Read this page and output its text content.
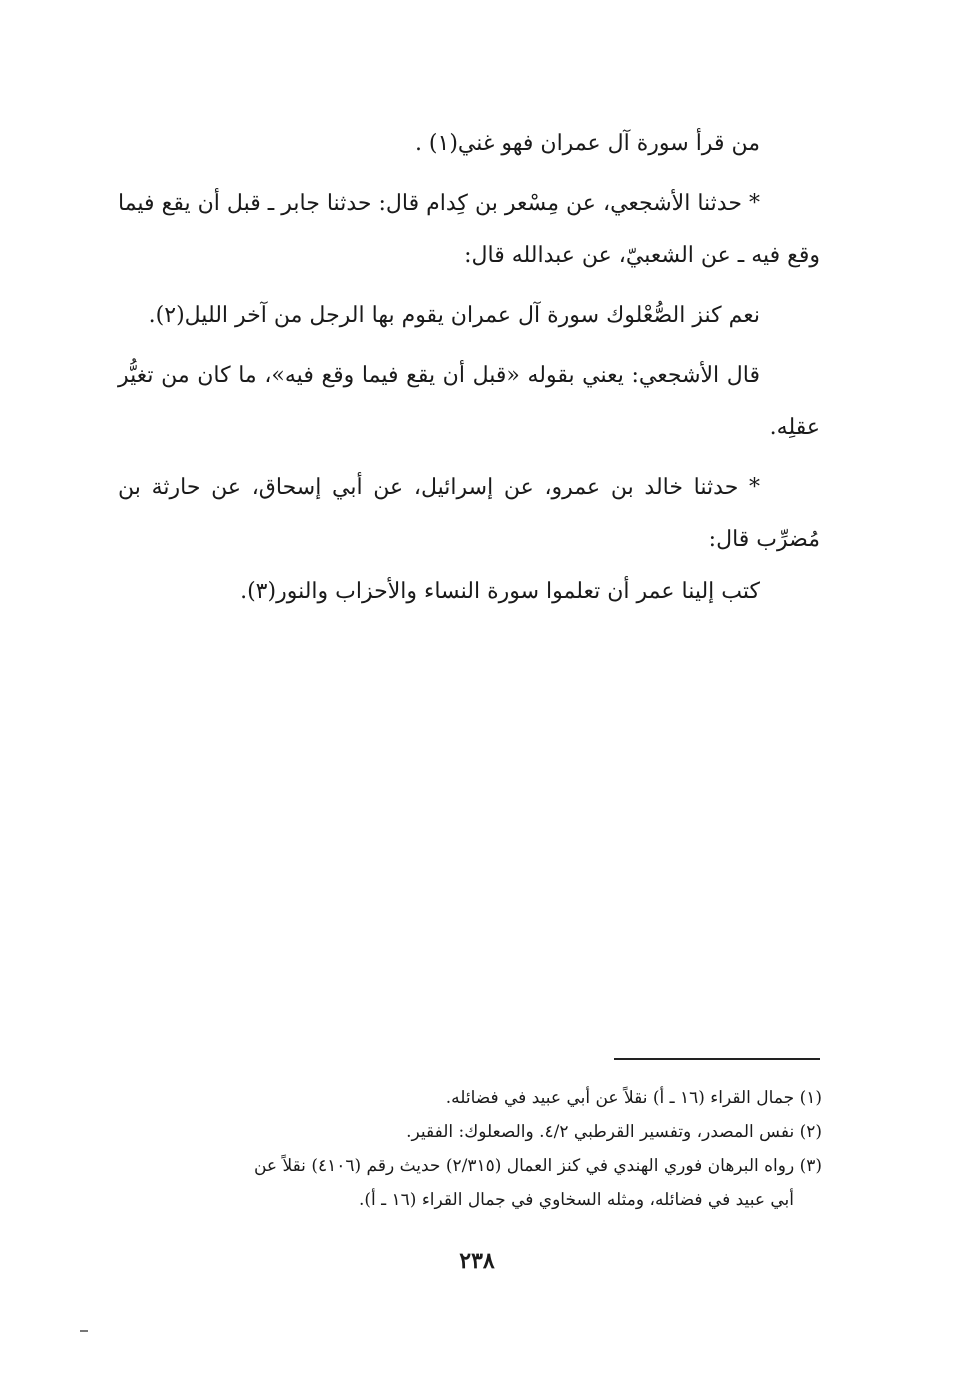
من قرأ سورة آل عمران فهو غني(١) .

* حدثنا الأشجعي، عن مِسْعر بن كِدام قال: حدثنا جابر ـ قبل أن يقع فيما وقع فيه ـ عن الشعبيّ، عن عبدالله قال:

نعم كنز الصُّعْلوك سورة آل عمران يقوم بها الرجل من آخر الليل(٢).

قال الأشجعي: يعني بقوله «قبل أن يقع فيما وقع فيه»، ما كان من تغيُّر عقلِه.

* حدثنا خالد بن عمرو، عن إسرائيل، عن أبي إسحاق، عن حارثة بن مُضرِّب قال:

كتب إلينا عمر أن تعلموا سورة النساء والأحزاب والنور(٣).

(١) جمال القراء (١٦ ـ أ) نقلاً عن أبي عبيد في فضائله.

(٢) نفس المصدر، وتفسير القرطبي ٤/٢. والصعلوك: الفقير.

(٣) رواه البرهان فوري الهندي في كنز العمال (٢/٣١٥) حديث رقم (٤١٠٦) نقلاً عن

أبي عبيد في فضائله، ومثله السخاوي في جمال القراء (١٦ ـ أ).

٢٣٨
